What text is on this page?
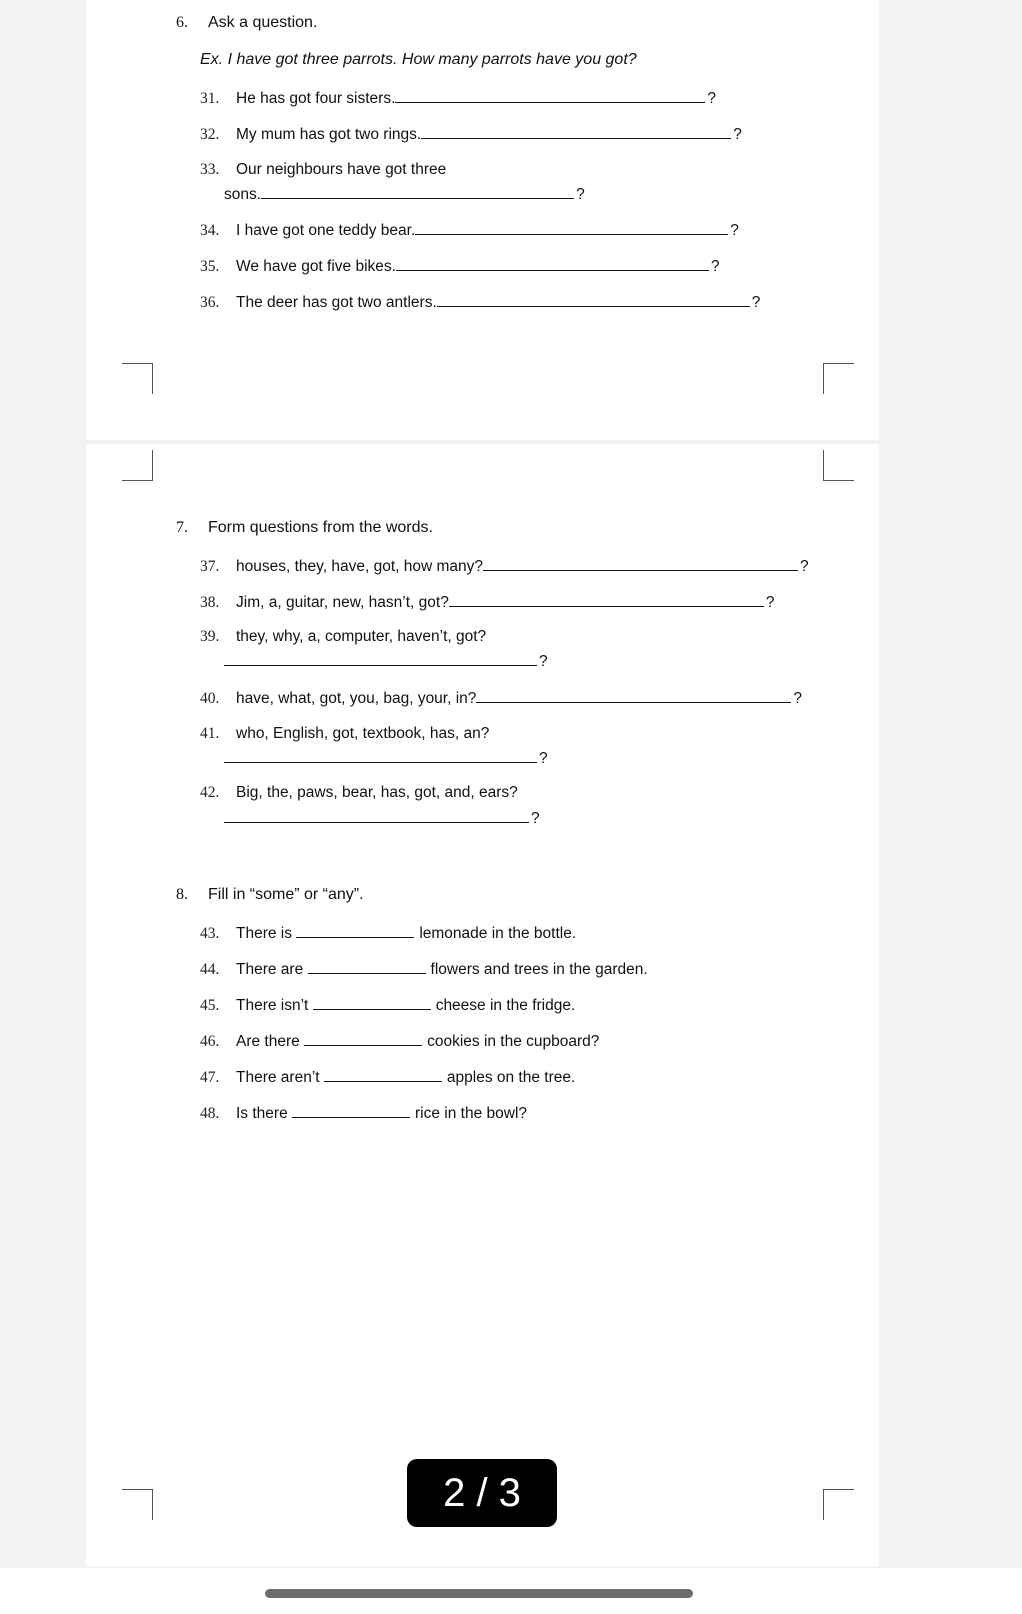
6. Ask a question.
Ex. I have got three parrots. How many parrots have you got?
31. He has got four sisters.	?
32. My mum has got two rings.	?
33. Our neighbours have got three
sons.	?
34. I have got one teddy bear.	?
35. We have got five bikes.	?
36. The deer has got two antlers.	?
7. Form questions from the words.
37. houses, they, have, got, how many?	?
38. Jim, a, guitar, new, hasn’t, got?	?
39. they, why, a, computer, haven’t, got?
?
40. have, what, got, you, bag, your, in?	?
41. who, English, got, textbook, has, an?
?
42. Big, the, paws, bear, has, got, and, ears?
?
8. Fill in “some” or “any”.
43. There is	lemonade in the bottle.
44. There are	flowers and trees in the garden.
45. There isn’t	cheese in the fridge.
46. Are there	cookies in the cupboard?
47. There aren’t	apples on the tree.
48. Is there	rice in the bowl?
2 / 3
